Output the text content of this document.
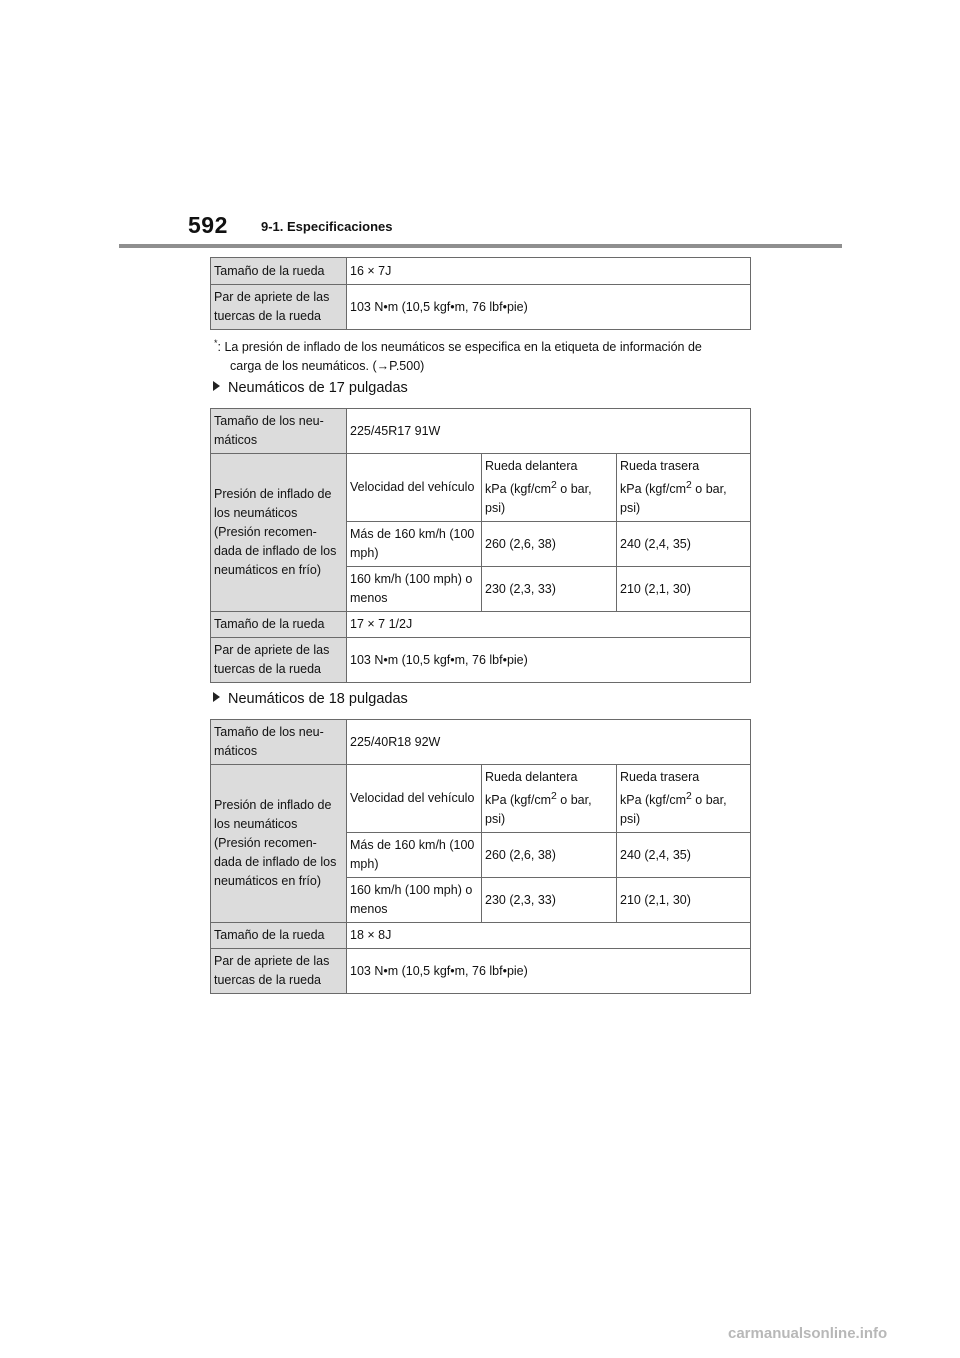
592	9-1. Especificaciones
Tamaño de la rueda	16 × 7J
Par de apriete de las tuercas de la rueda	103 N•m (10,5 kgf•m, 76 lbf•pie)
*: La presión de inflado de los neumáticos se especifica en la etiqueta de información de
carga de los neumáticos. (→P.500)
Neumáticos de 17 pulgadas
Tamaño de los neu-máticos	225/45R17 91W		
Presión de inflado de los neumáticos (Presión recomen-dada de inflado de los neumáticos en frío)	Velocidad del vehículo	Rueda delantera
kPa ($kgf/cm^2$ o bar,
psi)	Rueda trasera
kPa ($kgf/cm^2$ o bar,
psi)

	Más de 160 km/h (100 mph)	260 (2,6, 38)	240 (2,4, 35)
	160 km/h (100 mph) o menos	230 (2,3, 33)	210 (2,1, 30)
Tamaño de la rueda	17 × 7 1/2J		
Par de apriete de las tuercas de la rueda	103 N•m (10,5 kgf•m, 76 lbf•pie)		
Neumáticos de 18 pulgadas
Tamaño de los neu-máticos	225/40R18 92W		
Presión de inflado de los neumáticos (Presión recomen-dada de inflado de los neumáticos en frío)	Velocidad del vehículo	Rueda delantera
kPa ($kgf/cm^2$ o bar,
psi)	Rueda trasera
kPa ($kgf/cm^2$ o bar,
psi)

	Más de 160 km/h (100 mph)	260 (2,6, 38)	240 (2,4, 35)
	160 km/h (100 mph) o menos	230 (2,3, 33)	210 (2,1, 30)
Tamaño de la rueda	18 × 8J		
Par de apriete de las tuercas de la rueda	103 N•m (10,5 kgf•m, 76 lbf•pie)		
carmanualsonline.info
